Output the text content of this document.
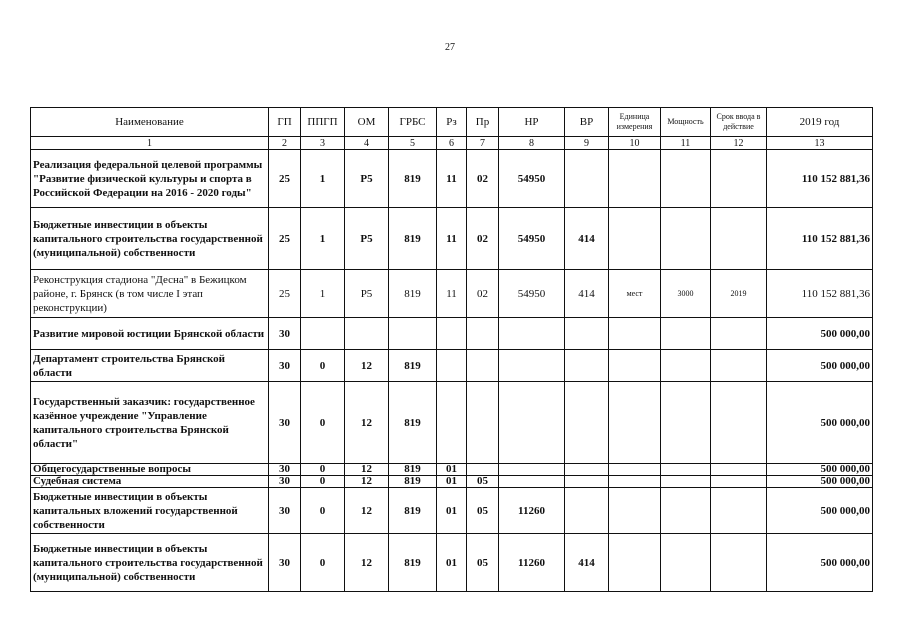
27
Наименование	ГП	ППГП	ОМ	ГРБС	Рз	Пр	НР	ВР	Единица измерения	Мощность	Срок ввода в действие	2019 год
1	2	3	4	5	6	7	8	9	10	11	12	13
Реализация федеральной целевой программы "Развитие физической культуры и спорта в Российской Федерации на 2016 - 2020 годы"	25	1	Р5	819	11	02	54950					110 152 881,36
Бюджетные инвестиции в объекты капитального строительства государственной (муниципальной) собственности	25	1	Р5	819	11	02	54950	414				110 152 881,36
Реконструкция стадиона "Десна" в Бежицком районе, г. Брянск (в том числе I этап реконструкции)	25	1	Р5	819	11	02	54950	414	мест	3000	2019	110 152 881,36
Развитие мировой юстиции Брянской области	30											500 000,00
Департамент строительства Брянской области	30	0	12	819								500 000,00
Государственный заказчик: государственное казённое учреждение "Управление капитального строительства Брянской области"	30	0	12	819								500 000,00
Общегосударственные вопросы	30	0	12	819	01							500 000,00
Судебная система	30	0	12	819	01	05						500 000,00
Бюджетные инвестиции в объекты капитальных вложений государственной собственности	30	0	12	819	01	05	11260					500 000,00
Бюджетные инвестиции в объекты капитального строительства государственной (муниципальной) собственности	30	0	12	819	01	05	11260	414				500 000,00
